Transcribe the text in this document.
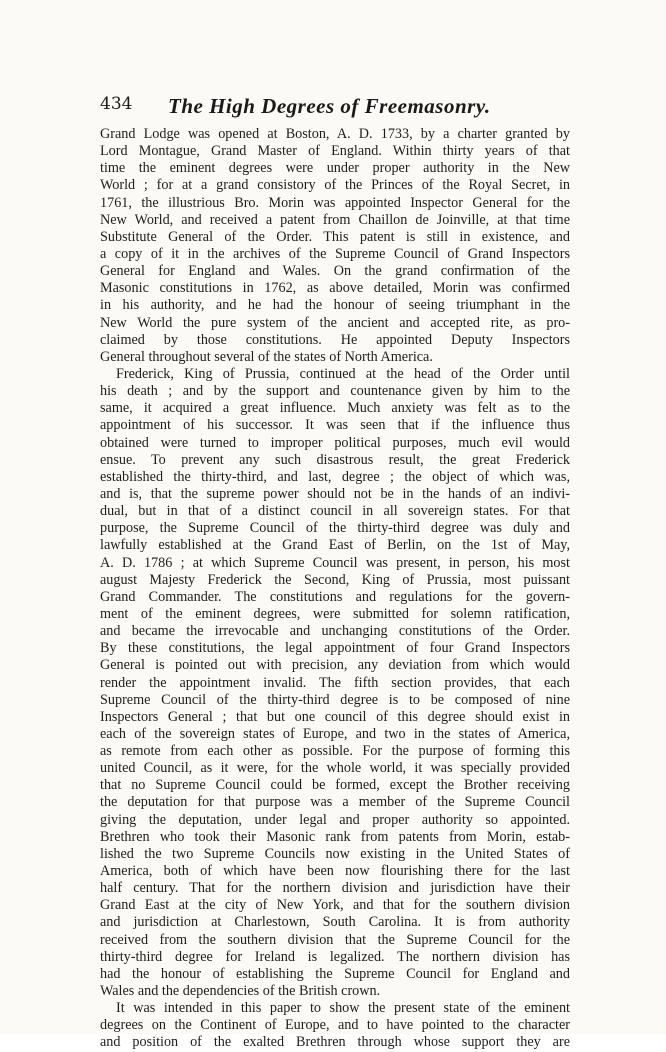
434 The High Degrees of Freemasonry.
Grand Lodge was opened at Boston, A. D. 1733, by a charter granted by
Lord Montague, Grand Master of England. Within thirty years of that
time the eminent degrees were under proper authority in the New
World ; for at a grand consistory of the Princes of the Royal Secret, in
1761, the illustrious Bro. Morin was appointed Inspector General for the
New World, and received a patent from Chaillon de Joinville, at that time
Substitute General of the Order. This patent is still in existence, and
a copy of it in the archives of the Supreme Council of Grand Inspectors
General for England and Wales. On the grand confirmation of the
Masonic constitutions in 1762, as above detailed, Morin was confirmed
in his authority, and he had the honour of seeing triumphant in the
New World the pure system of the ancient and accepted rite, as pro-
claimed by those constitutions. He appointed Deputy Inspectors
General throughout several of the states of North America.
Frederick, King of Prussia, continued at the head of the Order until
his death ; and by the support and countenance given by him to the
same, it acquired a great influence. Much anxiety was felt as to the
appointment of his successor. It was seen that if the influence thus
obtained were turned to improper political purposes, much evil would
ensue. To prevent any such disastrous result, the great Frederick
established the thirty-third, and last, degree ; the object of which was,
and is, that the supreme power should not be in the hands of an indivi-
dual, but in that of a distinct council in all sovereign states. For that
purpose, the Supreme Council of the thirty-third degree was duly and
lawfully established at the Grand East of Berlin, on the 1st of May,
A. D. 1786 ; at which Supreme Council was present, in person, his most
august Majesty Frederick the Second, King of Prussia, most puissant
Grand Commander. The constitutions and regulations for the govern-
ment of the eminent degrees, were submitted for solemn ratification,
and became the irrevocable and unchanging constitutions of the Order.
By these constitutions, the legal appointment of four Grand Inspectors
General is pointed out with precision, any deviation from which would
render the appointment invalid. The fifth section provides, that each
Supreme Council of the thirty-third degree is to be composed of nine
Inspectors General ; that but one council of this degree should exist in
each of the sovereign states of Europe, and two in the states of America,
as remote from each other as possible. For the purpose of forming this
united Council, as it were, for the whole world, it was specially provided
that no Supreme Council could be formed, except the Brother receiving
the deputation for that purpose was a member of the Supreme Council
giving the deputation, under legal and proper authority so appointed.
Brethren who took their Masonic rank from patents from Morin, estab-
lished the two Supreme Councils now existing in the United States of
America, both of which have been now flourishing there for the last
half century. That for the northern division and jurisdiction have their
Grand East at the city of New York, and that for the southern division
and jurisdiction at Charlestown, South Carolina. It is from authority
received from the southern division that the Supreme Council for the
thirty-third degree for Ireland is legalized. The northern division has
had the honour of establishing the Supreme Council for England and
Wales and the dependencies of the British crown.
It was intended in this paper to show the present state of the eminent
degrees on the Continent of Europe, and to have pointed to the character
and position of the exalted Brethren through whose support they are
